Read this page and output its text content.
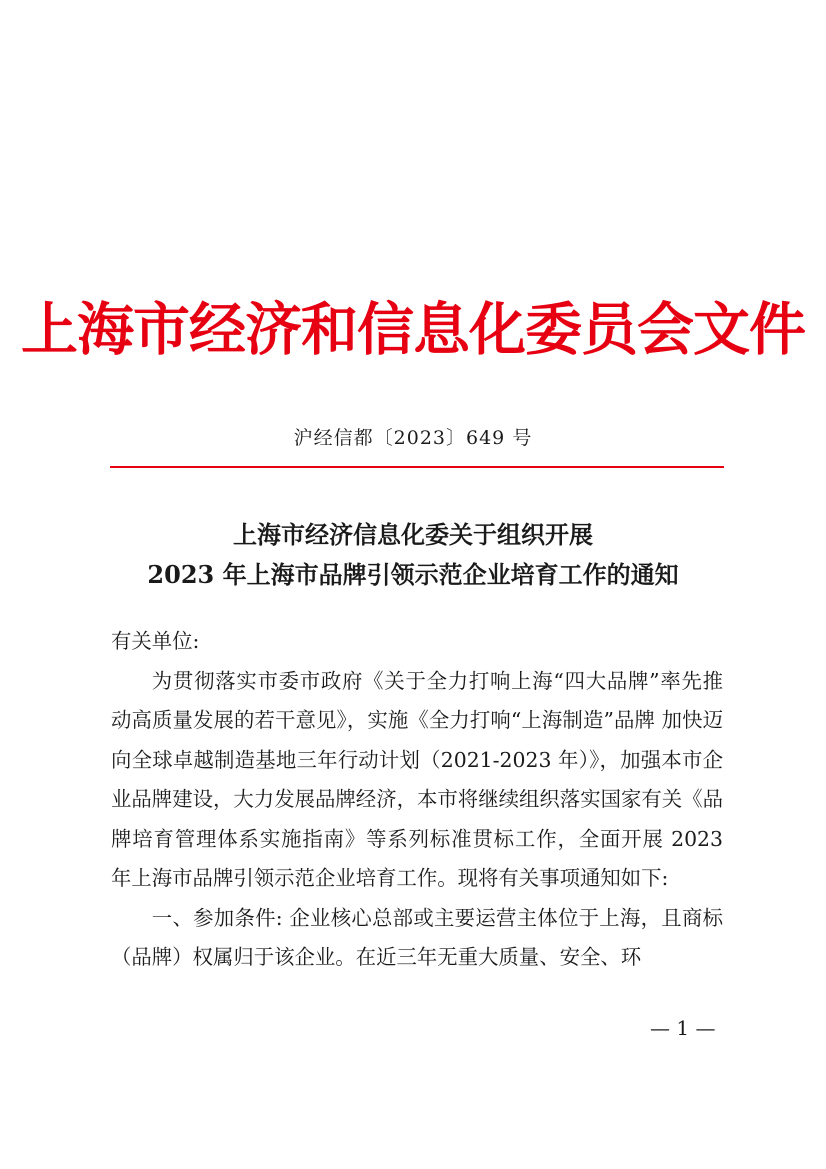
上海市经济和信息化委员会文件
沪经信都〔2023〕649 号
上海市经济信息化委关于组织开展
2023 年上海市品牌引领示范企业培育工作的通知

有关单位:

为贯彻落实市委市政府《关于全力打响上海“四大品牌”率先推动高质量发展的若干意见》，实施《全力打响“上海制造”品牌 加快迈向全球卓越制造基地三年行动计划（2021-2023 年）》，加强本市企业品牌建设，大力发展品牌经济，本市将继续组织落实国家有关《品牌培育管理体系实施指南》等系列标准贯标工作，全面开展 2023 年上海市品牌引领示范企业培育工作。现将有关事项通知如下:

一、参加条件: 企业核心总部或主要运营主体位于上海，且商标（品牌）权属归于该企业。在近三年无重大质量、安全、环

— 1 —
